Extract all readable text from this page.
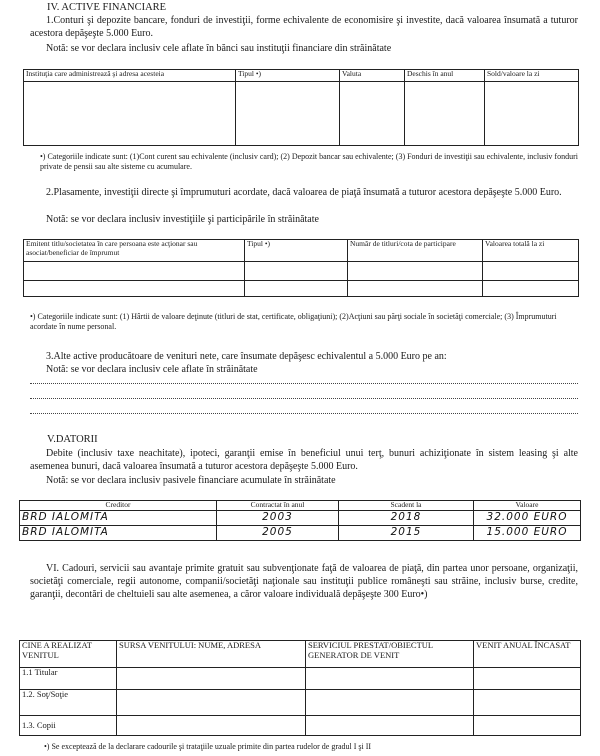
IV. ACTIVE FINANCIARE
1.Conturi şi depozite bancare, fonduri de investiţii, forme echivalente de economisire şi investite, dacă valoarea însumată a tuturor acestora depăşeşte 5.000 Euro.
Notă: se vor declara inclusiv cele aflate în bănci sau instituţii financiare din străinătate
Instituţia care administrează şi adresa acesteia	Tipul •)	Valuta	Deschis în anul	Sold/valoare la zi

•) Categoriile indicate sunt: (1)Cont curent sau echivalente (inclusiv card); (2) Depozit bancar sau echivalente; (3) Fonduri de investiţii sau echivalente, inclusiv fonduri private de pensii sau alte sisteme cu acumulare.
2.Plasamente, investiţii directe şi împrumuturi acordate, dacă valoarea de piaţă însumată a tuturor acestora depăşeşte 5.000 Euro.
Notă: se vor declara inclusiv investiţiile şi participările în străinătate
Emitent titlu/societatea în care persoana este acţionar sau asociat/beneficiar de împrumut	Tipul •)	Număr de titluri/cota de participare	Valoarea totală la zi

•) Categoriile indicate sunt: (1) Hârtii de valoare deţinute (titluri de stat, certificate, obligaţiuni); (2)Acţiuni sau părţi sociale în societăţi comerciale; (3) Împrumuturi acordate în nume personal.
3.Alte active producătoare de venituri nete, care însumate depăşesc echivalentul a 5.000 Euro pe an:
Notă: se vor declara inclusiv cele aflate în străinătate
V.DATORII
Debite (inclusiv taxe neachitate), ipoteci, garanţii emise în beneficiul unui terţ, bunuri achiziţionate în sistem leasing şi alte asemenea bunuri, dacă valoarea însumată a tuturor acestora depăşeşte 5.000 Euro.
Notă: se vor declara inclusiv pasivele financiare acumulate în străinătate
Creditor	Contractat în anul	Scadent la	Valoare
BRD IALOMITA	2003	2018	32.000 EURO
BRD IALOMITA	2005	2015	15.000 EURO
VI. Cadouri, servicii sau avantaje primite gratuit sau subvenţionate faţă de valoarea de piaţă, din partea unor persoane, organizaţii, societăţi comerciale, regii autonome, companii/societăţi naţionale sau instituţii publice româneşti sau străine, inclusiv burse, credite, garanţii, decontări de cheltuieli sau alte asemenea, a căror valoare individuală depăşeşte 300 Euro•)
CINE A REALIZAT VENITUL	SURSA VENITULUI: NUME, ADRESA	SERVICIUL PRESTAT/OBIECTUL GENERATOR DE VENIT	VENIT ANUAL ÎNCASAT
1.1 Titular			
1.2. Soţ/Soţie			
1.3. Copii			
•) Se exceptează de la declarare cadourile şi trataţiile uzuale primite din partea rudelor de gradul I şi II
